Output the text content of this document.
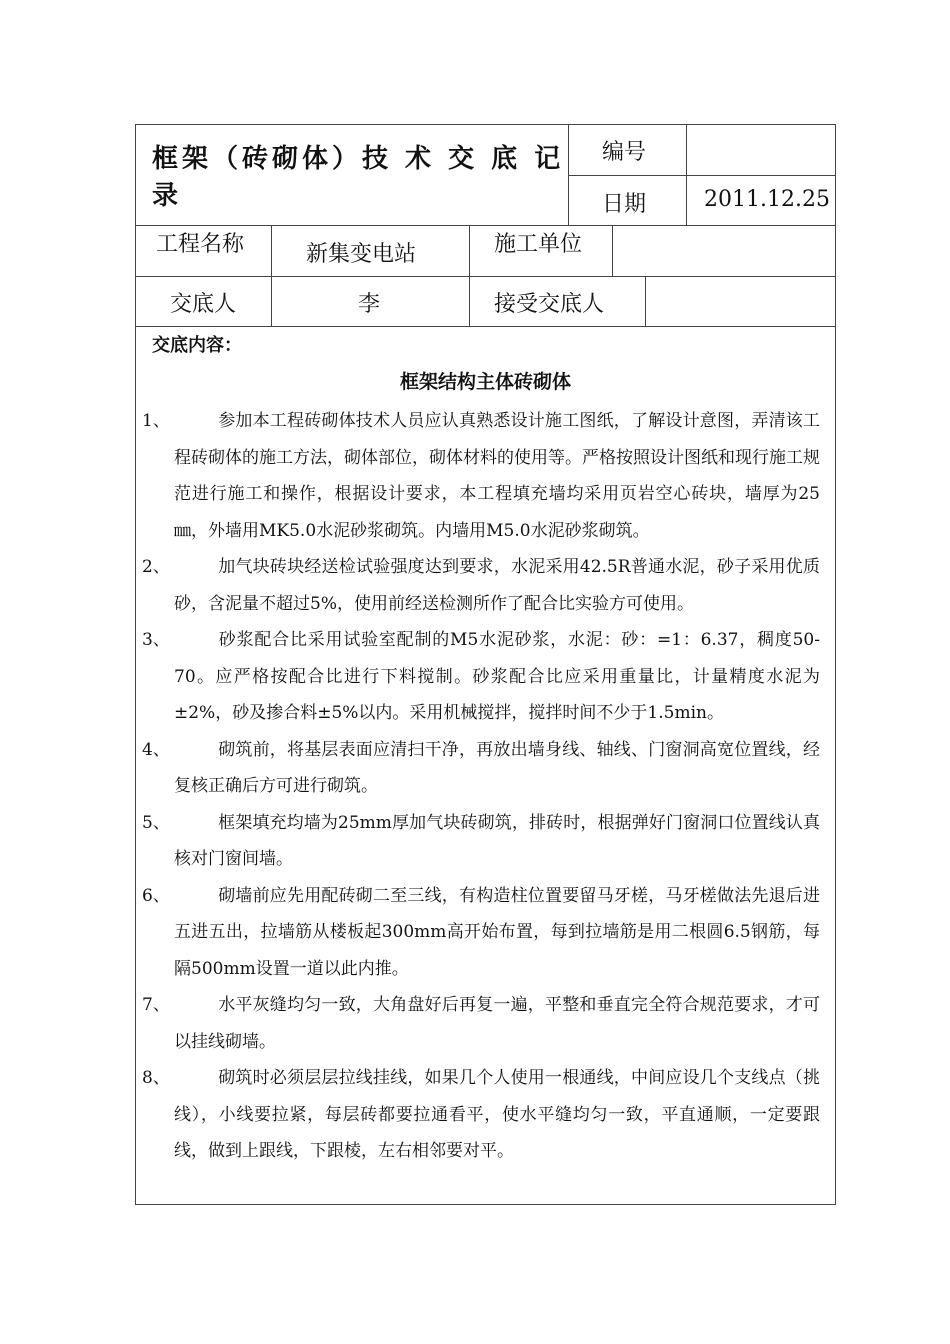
框架（砖砌体）技 术 交 底 记 录
编号
日期	2011.12.25
工程名称	新集变电站	施工单位
交底人	李	接受交底人
交底内容：
框架结构主体砖砌体
1、	参加本工程砖砌体技术人员应认真熟悉设计施工图纸，了解设计意图，弄清该工程砖砌体的施工方法，砌体部位，砌体材料的使用等。严格按照设计图纸和现行施工规范进行施工和操作，根据设计要求，本工程填充墙均采用页岩空心砖块，墙厚为25㎜，外墙用MK5.0水泥砂浆砌筑。内墙用M5.0水泥砂浆砌筑。
2、	加气块砖块经送检试验强度达到要求，水泥采用42.5R普通水泥，砂子采用优质砂，含泥量不超过5%，使用前经送检测所作了配合比实验方可使用。
3、	砂浆配合比采用试验室配制的M5水泥砂浆，水泥：砂：=1：6.37，稠度50-70。应严格按配合比进行下料搅制。砂浆配合比应采用重量比，计量精度水泥为±2%，砂及掺合料±5%以内。采用机械搅拌，搅拌时间不少于1.5min。
4、	砌筑前，将基层表面应清扫干净，再放出墙身线、轴线、门窗洞高宽位置线，经复核正确后方可进行砌筑。
5、	框架填充均墙为25mm厚加气块砖砌筑，排砖时，根据弹好门窗洞口位置线认真核对门窗间墙。
6、	砌墙前应先用配砖砌二至三线，有构造柱位置要留马牙槎，马牙槎做法先退后进五进五出，拉墙筋从楼板起300mm高开始布置，每到拉墙筋是用二根圆6.5钢筋，每隔500mm设置一道以此内推。
7、	水平灰缝均匀一致，大角盘好后再复一遍，平整和垂直完全符合规范要求，才可以挂线砌墙。
8、	砌筑时必须层层拉线挂线，如果几个人使用一根通线，中间应设几个支线点（挑线），小线要拉紧，每层砖都要拉通看平，使水平缝均匀一致，平直通顺，一定要跟线，做到上跟线，下跟棱，左右相邻要对平。
